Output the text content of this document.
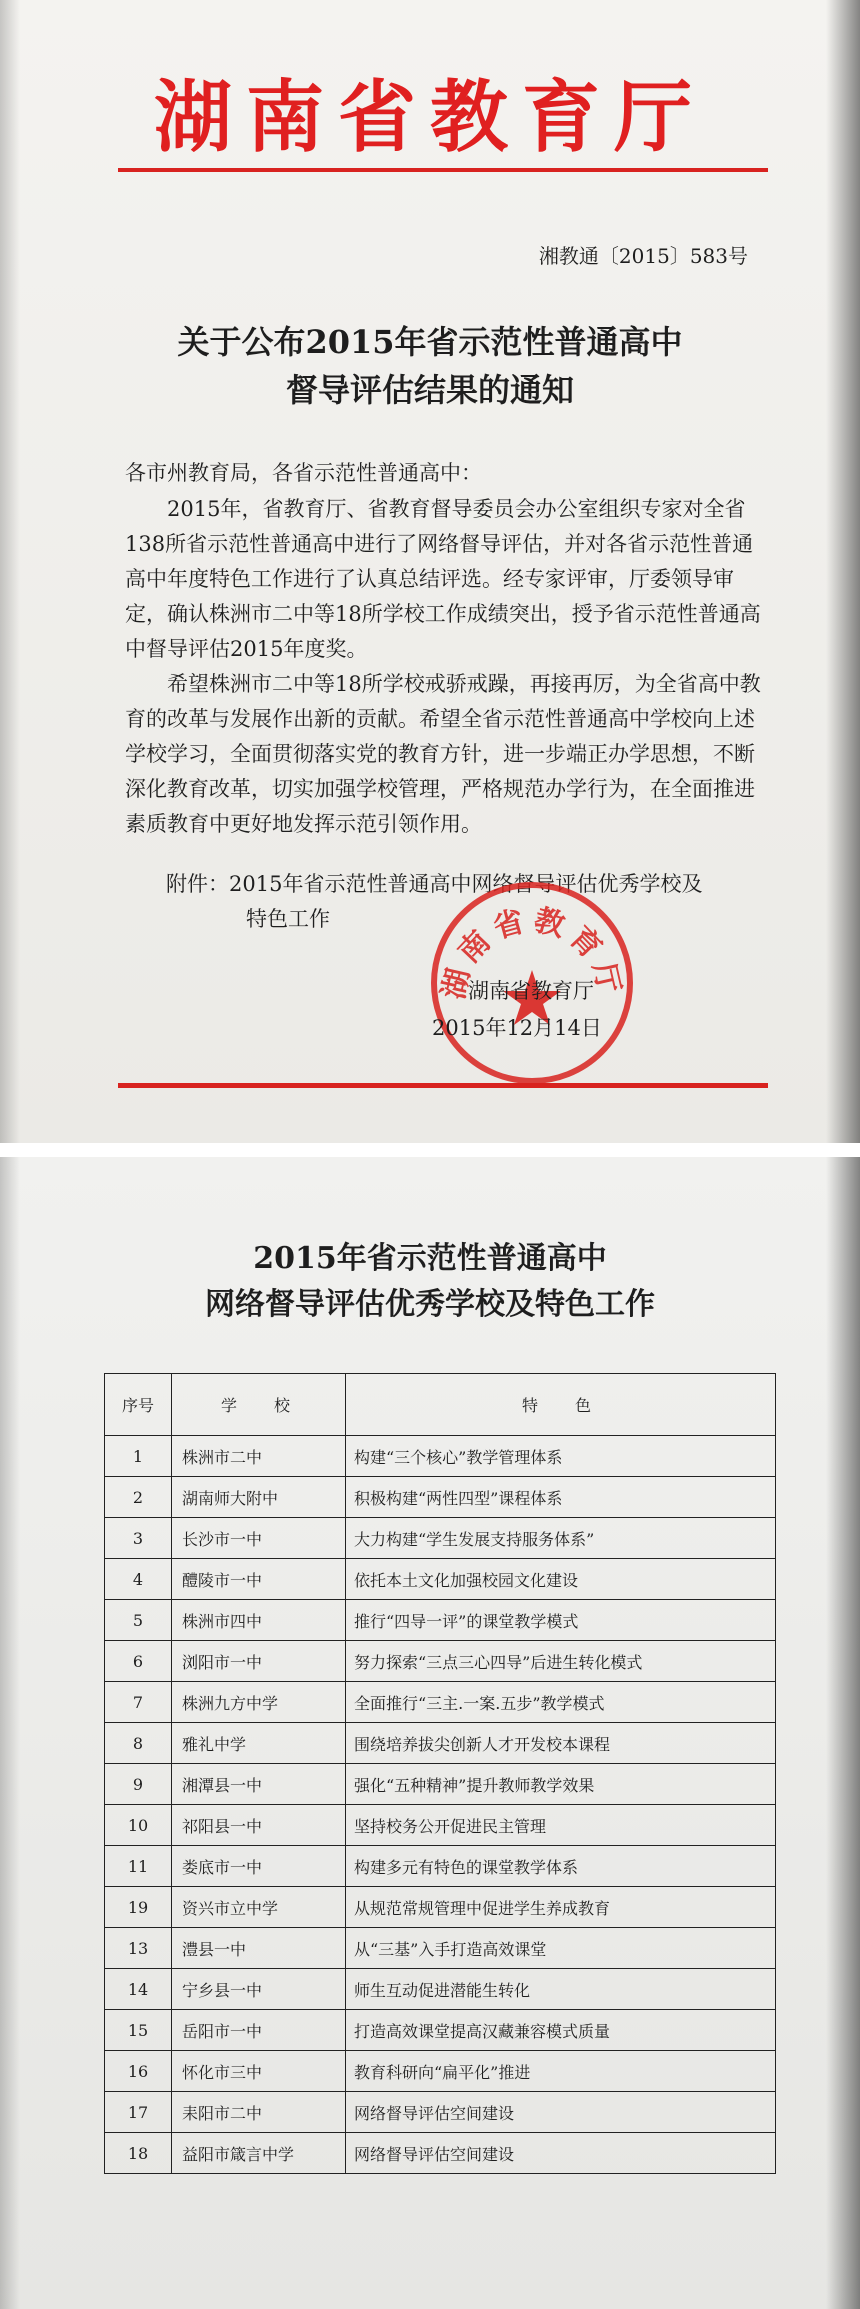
湖南省教育厅
湘教通〔2015〕583号
关于公布2015年省示范性普通高中
督导评估结果的通知
各市州教育局，各省示范性普通高中：

2015年，省教育厅、省教育督导委员会办公室组织专家对全省138所省示范性普通高中进行了网络督导评估，并对各省示范性普通高中年度特色工作进行了认真总结评选。经专家评审，厅委领导审定，确认株洲市二中等18所学校工作成绩突出，授予省示范性普通高中督导评估2015年度奖。

希望株洲市二中等18所学校戒骄戒躁，再接再厉，为全省高中教育的改革与发展作出新的贡献。希望全省示范性普通高中学校向上述学校学习，全面贯彻落实党的教育方针，进一步端正办学思想，不断深化教育改革，切实加强学校管理，严格规范办学行为，在全面推进素质教育中更好地发挥示范引领作用。

附件：2015年省示范性普通高中网络督导评估优秀学校及
特色工作
湖南省教育厅
湖南省教育厅
2015年12月14日
2015年省示范性普通高中
网络督导评估优秀学校及特色工作
序号	学 校	特 色
1	株洲市二中	构建“三个核心”教学管理体系
2	湖南师大附中	积极构建“两性四型”课程体系
3	长沙市一中	大力构建“学生发展支持服务体系”
4	醴陵市一中	依托本土文化加强校园文化建设
5	株洲市四中	推行“四导一评”的课堂教学模式
6	浏阳市一中	努力探索“三点三心四导”后进生转化模式
7	株洲九方中学	全面推行“三主.一案.五步”教学模式
8	雅礼中学	围绕培养拔尖创新人才开发校本课程
9	湘潭县一中	强化“五种精神”提升教师教学效果
10	祁阳县一中	坚持校务公开促进民主管理
11	娄底市一中	构建多元有特色的课堂教学体系
19	资兴市立中学	从规范常规管理中促进学生养成教育
13	澧县一中	从“三基”入手打造高效课堂
14	宁乡县一中	师生互动促进潜能生转化
15	岳阳市一中	打造高效课堂提高汉藏兼容模式质量
16	怀化市三中	教育科研向“扁平化”推进
17	耒阳市二中	网络督导评估空间建设
18	益阳市箴言中学	网络督导评估空间建设
